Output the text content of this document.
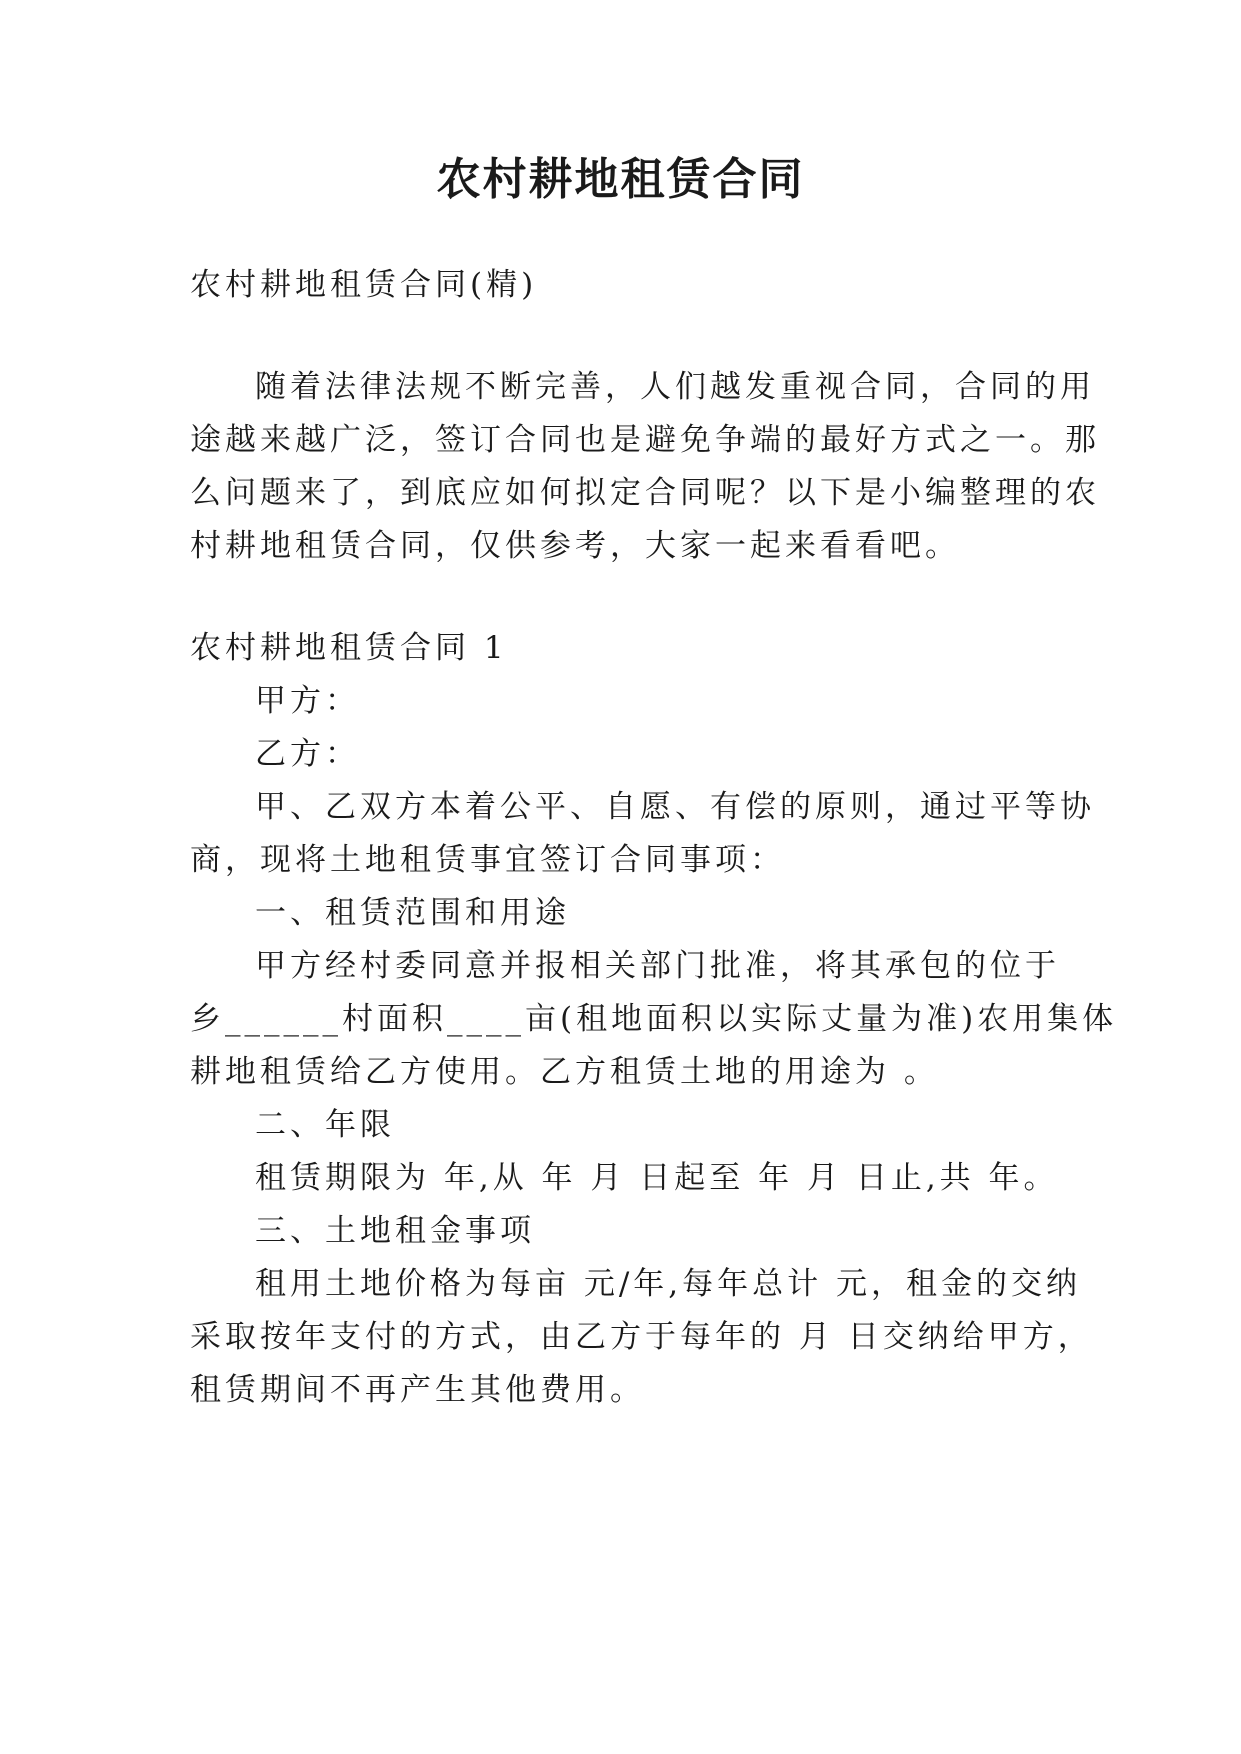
农村耕地租赁合同

农村耕地租赁合同(精)

随着法律法规不断完善，人们越发重视合同，合同的用

途越来越广泛，签订合同也是避免争端的最好方式之一。那

么问题来了，到底应如何拟定合同呢？以下是小编整理的农

村耕地租赁合同，仅供参考，大家一起来看看吧。

农村耕地租赁合同 1

甲方：

乙方：

甲、乙双方本着公平、自愿、有偿的原则，通过平等协

商，现将土地租赁事宜签订合同事项：

一、租赁范围和用途

甲方经村委同意并报相关部门批准，将其承包的位于

乡______村面积____亩(租地面积以实际丈量为准)农用集体

耕地租赁给乙方使用。乙方租赁土地的用途为 。

二、年限

租赁期限为 年,从 年 月 日起至 年 月 日止,共 年。

三、土地租金事项

租用土地价格为每亩 元/年,每年总计 元，租金的交纳

采取按年支付的方式，由乙方于每年的 月 日交纳给甲方，

租赁期间不再产生其他费用。
